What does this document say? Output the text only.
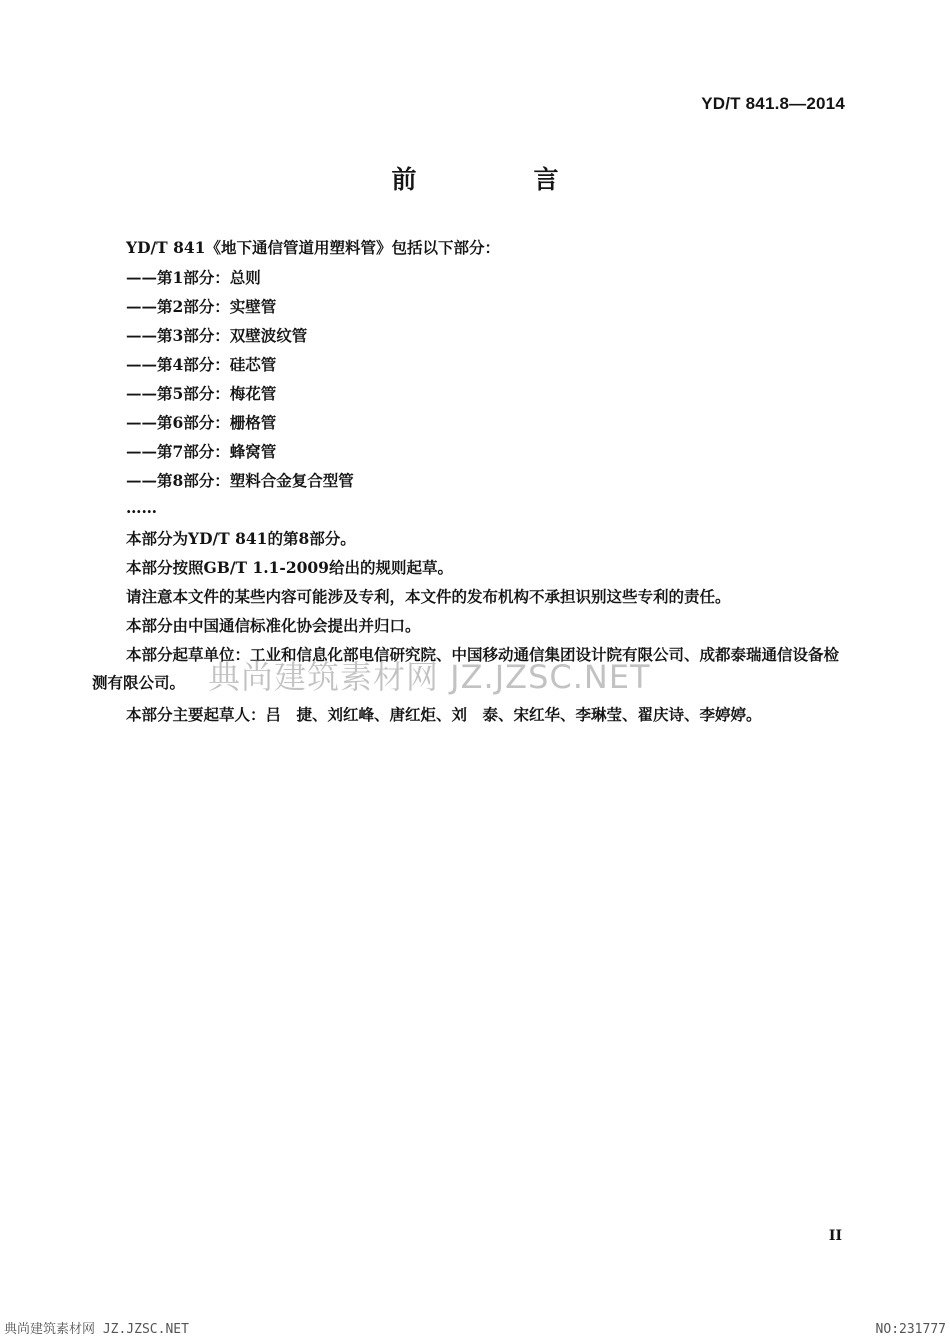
YD/T 841.8—2014
前　言
YD/T 841《地下通信管道用塑料管》包括以下部分：
——第1部分：总则
——第2部分：实壁管
——第3部分：双壁波纹管
——第4部分：硅芯管
——第5部分：梅花管
——第6部分：栅格管
——第7部分：蜂窝管
——第8部分：塑料合金复合型管
……
本部分为YD/T 841的第8部分。
本部分按照GB/T 1.1-2009给出的规则起草。
请注意本文件的某些内容可能涉及专利，本文件的发布机构不承担识别这些专利的责任。
本部分由中国通信标准化协会提出并归口。
本部分起草单位：工业和信息化部电信研究院、中国移动通信集团设计院有限公司、成都泰瑞通信设备检测有限公司。
本部分主要起草人：吕　捷、刘红峰、唐红炬、刘　泰、宋红华、李琳莹、翟庆诗、李婷婷。
典尚建筑素材网 JZ.JZSC.NET
II
典尚建筑素材网 JZ.JZSC.NET	NO:231777
